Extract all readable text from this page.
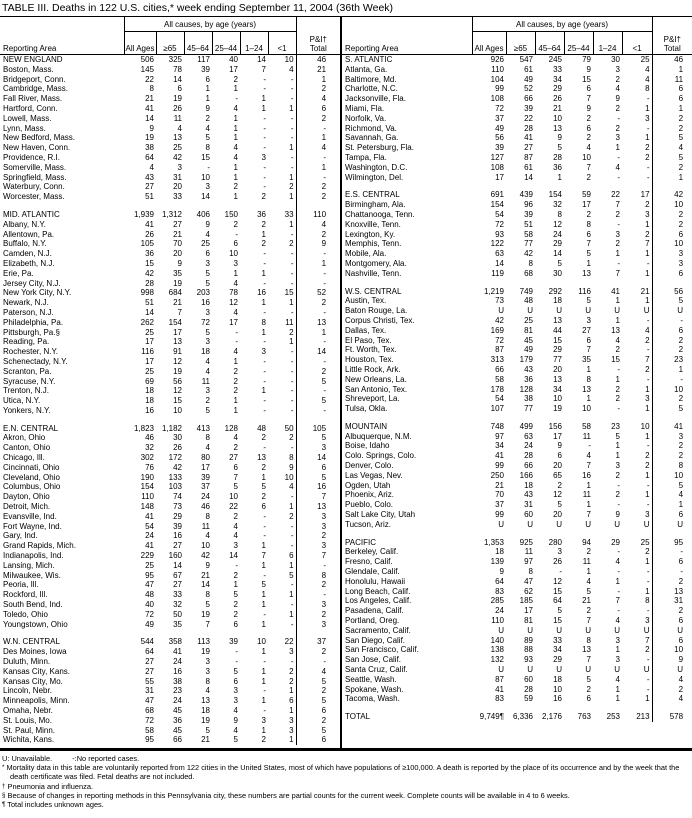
TABLE III. Deaths in 122 U.S. cities,* week ending September 11, 2004 (36th Week)
Reporting Area	All causes, by age (years)						P&I†
Total

	All Ages	≥65	45–64	25–44	1–24	<1	
NEW ENGLAND	506	325	117	40	14	10	46
Boston, Mass.	145	78	39	17	7	4	21
Bridgeport, Conn.	22	14	6	2	-	-	1
Cambridge, Mass.	8	6	1	1	-	-	2
Fall River, Mass.	21	19	1	-	1	-	4
Hartford, Conn.	41	26	9	4	1	1	6
Lowell, Mass.	14	11	2	1	-	-	2
Lynn, Mass.	9	4	4	1	-	-	-
New Bedford, Mass.	19	13	5	1	-	-	1
New Haven, Conn.	38	25	8	4	-	1	4
Providence, R.I.	64	42	15	4	3	-	-
Somerville, Mass.	4	3	-	1	-	-	1
Springfield, Mass.	43	31	10	1	-	1	-
Waterbury, Conn.	27	20	3	2	-	2	2
Worcester, Mass.	51	33	14	1	2	1	2

MID. ATLANTIC	1,939	1,312	406	150	36	33	110
Albany, N.Y.	41	27	9	2	2	1	4
Allentown, Pa.	26	21	4	-	1	-	2
Buffalo, N.Y.	105	70	25	6	2	2	9
Camden, N.J.	36	20	6	10	-	-	-
Elizabeth, N.J.	15	9	3	3	-	-	1
Erie, Pa.	42	35	5	1	1	-	-
Jersey City, N.J.	28	19	5	4	-	-	-
New York City, N.Y.	998	684	203	78	16	15	52
Newark, N.J.	51	21	16	12	1	1	2
Paterson, N.J.	14	7	3	4	-	-	-
Philadelphia, Pa.	262	154	72	17	8	11	13
Pittsburgh, Pa.§	25	17	5	-	1	2	1
Reading, Pa.	17	13	3	-	-	1	-
Rochester, N.Y.	116	91	18	4	3	-	14
Schenectady, N.Y.	17	12	4	1	-	-	-
Scranton, Pa.	25	19	4	2	-	-	2
Syracuse, N.Y.	69	56	11	2	-	-	5
Trenton, N.J.	18	12	3	2	1	-	-
Utica, N.Y.	18	15	2	1	-	-	5
Yonkers, N.Y.	16	10	5	1	-	-	-

E.N. CENTRAL	1,823	1,182	413	128	48	50	105
Akron, Ohio	46	30	8	4	2	2	5
Canton, Ohio	32	26	4	2	-	-	3
Chicago, Ill.	302	172	80	27	13	8	14
Cincinnati, Ohio	76	42	17	6	2	9	6
Cleveland, Ohio	190	133	39	7	1	10	5
Columbus, Ohio	154	103	37	5	5	4	16
Dayton, Ohio	110	74	24	10	2	-	7
Detroit, Mich.	148	73	46	22	6	1	13
Evansville, Ind.	41	29	8	2	-	2	3
Fort Wayne, Ind.	54	39	11	4	-	-	3
Gary, Ind.	24	16	4	4	-	-	2
Grand Rapids, Mich.	41	27	10	3	1	-	3
Indianapolis, Ind.	229	160	42	14	7	6	7
Lansing, Mich.	25	14	9	-	1	1	-
Milwaukee, Wis.	95	67	21	2	-	5	8
Peoria, Ill.	47	27	14	1	5	-	2
Rockford, Ill.	48	33	8	5	1	1	-
South Bend, Ind.	40	32	5	2	1	-	3
Toledo, Ohio	72	50	19	2	-	1	2
Youngstown, Ohio	49	35	7	6	1	-	3

W.N. CENTRAL	544	358	113	39	10	22	37
Des Moines, Iowa	64	41	19	-	1	3	2
Duluth, Minn.	27	24	3	-	-	-	-
Kansas City, Kans.	27	16	3	5	1	2	4
Kansas City, Mo.	55	38	8	6	1	2	5
Lincoln, Nebr.	31	23	4	3	-	1	2
Minneapolis, Minn.	47	24	13	3	1	6	5
Omaha, Nebr.	68	45	18	4	-	1	6
St. Louis, Mo.	72	36	19	9	3	3	2
St. Paul, Minn.	58	45	5	4	1	3	5
Wichita, Kans.	95	66	21	5	2	1	6
Reporting Area	All causes, by age (years)						P&I†
Total

	All Ages	≥65	45–64	25–44	1–24	<1	
S. ATLANTIC	926	547	245	79	30	25	46
Atlanta, Ga.	110	61	33	9	3	4	1
Baltimore, Md.	104	49	34	15	2	4	11
Charlotte, N.C.	99	52	29	6	4	8	6
Jacksonville, Fla.	108	66	26	7	9	-	6
Miami, Fla.	72	39	21	9	2	1	1
Norfolk, Va.	37	22	10	2	-	3	2
Richmond, Va.	49	28	13	6	2	-	2
Savannah, Ga.	56	41	9	2	3	1	5
St. Petersburg, Fla.	39	27	5	4	1	2	4
Tampa, Fla.	127	87	28	10	-	2	5
Washington, D.C.	108	61	36	7	4	-	2
Wilmington, Del.	17	14	1	2	-	-	1

E.S. CENTRAL	691	439	154	59	22	17	42
Birmingham, Ala.	154	96	32	17	7	2	10
Chattanooga, Tenn.	54	39	8	2	2	3	2
Knoxville, Tenn.	72	51	12	8	-	1	2
Lexington, Ky.	93	58	24	6	3	2	6
Memphis, Tenn.	122	77	29	7	2	7	10
Mobile, Ala.	63	42	14	5	1	1	3
Montgomery, Ala.	14	8	5	1	-	-	3
Nashville, Tenn.	119	68	30	13	7	1	6

W.S. CENTRAL	1,219	749	292	116	41	21	56
Austin, Tex.	73	48	18	5	1	1	5
Baton Rouge, La.	U	U	U	U	U	U	U
Corpus Christi, Tex.	42	25	13	3	1	-	-
Dallas, Tex.	169	81	44	27	13	4	6
El Paso, Tex.	72	45	15	6	4	2	2
Ft. Worth, Tex.	87	49	29	7	2	-	2
Houston, Tex.	313	179	77	35	15	7	23
Little Rock, Ark.	66	43	20	1	-	2	1
New Orleans, La.	58	36	13	8	1	-	-
San Antonio, Tex.	178	128	34	13	2	1	10
Shreveport, La.	54	38	10	1	2	3	2
Tulsa, Okla.	107	77	19	10	-	1	5

MOUNTAIN	748	499	156	58	23	10	41
Albuquerque, N.M.	97	63	17	11	5	1	3
Boise, Idaho	34	24	9	-	1	-	2
Colo. Springs, Colo.	41	28	6	4	1	2	2
Denver, Colo.	99	66	20	7	3	2	8
Las Vegas, Nev.	250	166	65	16	2	1	10
Ogden, Utah	21	18	2	1	-	-	5
Phoenix, Ariz.	70	43	12	11	2	1	4
Pueblo, Colo.	37	31	5	1	-	-	1
Salt Lake City, Utah	99	60	20	7	9	3	6
Tucson, Ariz.	U	U	U	U	U	U	U

PACIFIC	1,353	925	280	94	29	25	95
Berkeley, Calif.	18	11	3	2	-	2	-
Fresno, Calif.	139	97	26	11	4	1	6
Glendale, Calif.	9	8	-	1	-	-	-
Honolulu, Hawaii	64	47	12	4	1	-	2
Long Beach, Calif.	83	62	15	5	-	1	13
Los Angeles, Calif.	285	185	64	21	7	8	31
Pasadena, Calif.	24	17	5	2	-	-	2
Portland, Oreg.	110	81	15	7	4	3	6
Sacramento, Calif.	U	U	U	U	U	U	U
San Diego, Calif.	140	89	33	8	3	7	6
San Francisco, Calif.	138	88	34	13	1	2	10
San Jose, Calif.	132	93	29	7	3	-	9
Santa Cruz, Calif.	U	U	U	U	U	U	U
Seattle, Wash.	87	60	18	5	4	-	4
Spokane, Wash.	41	28	10	2	1	-	2
Tacoma, Wash.	83	59	16	6	1	1	4

TOTAL	9,749¶	6,336	2,176	763	253	213	578
U: Unavailable.	-:No reported cases.
* Mortality data in this table are voluntarily reported from 122 cities in the United States, most of which have populations of ≥100,000. A death is reported by the place of its occurrence and by the week that the death certificate was filed. Fetal deaths are not included.
† Pneumonia and influenza.
§ Because of changes in reporting methods in this Pennsylvania city, these numbers are partial counts for the current week. Complete counts will be available in 4 to 6 weeks.
¶ Total includes unknown ages.
